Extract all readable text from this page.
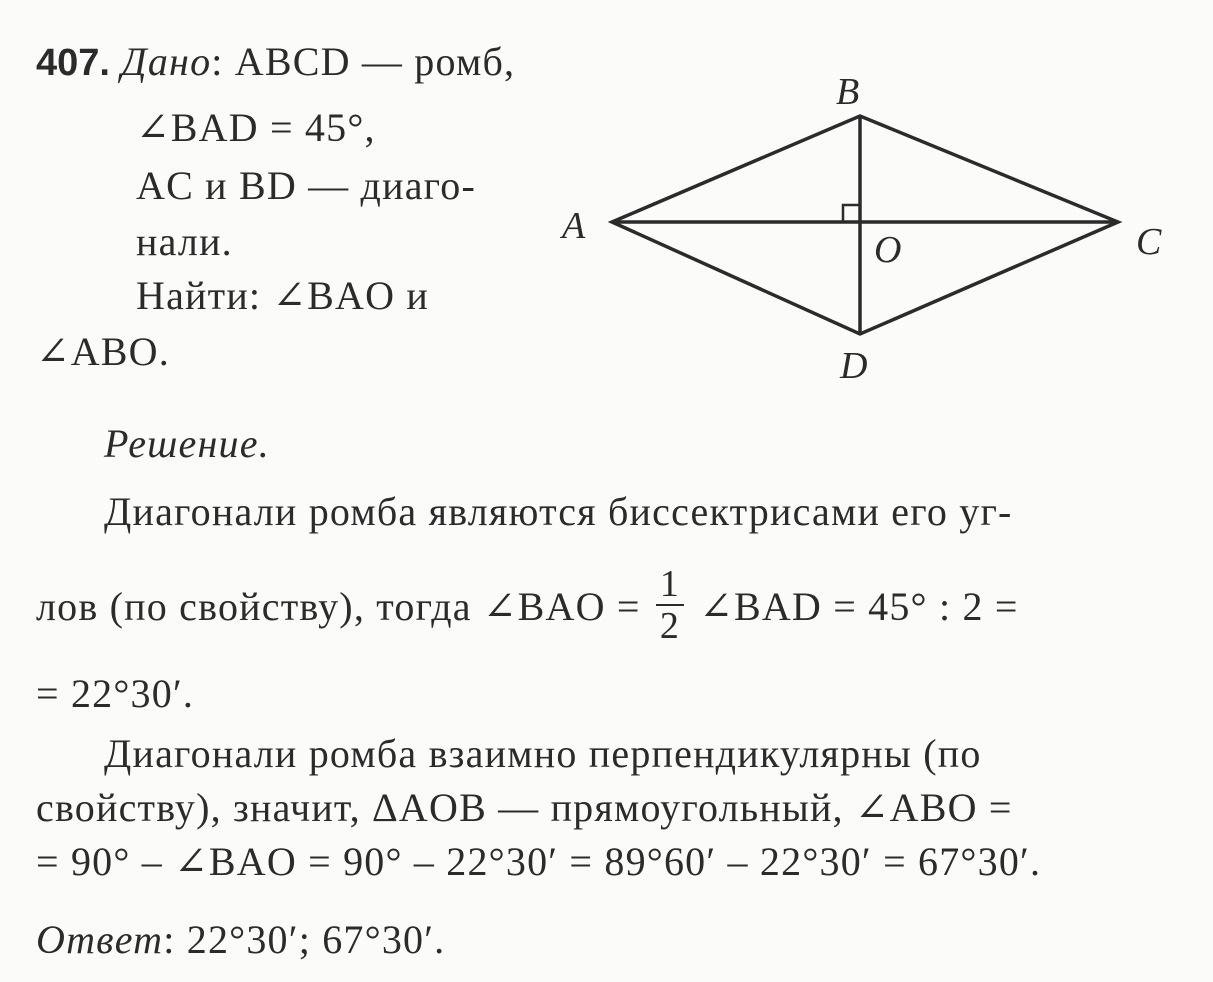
407. Дано: ABCD — ромб,
∠BAD = 45°,
AC и BD — диаго-
нали.
Найти: ∠BAO и
∠ABO.
B
A	C
O
D
Решение.
Диагонали ромба являются биссектрисами его уг-
лов (по свойству), тогда ∠BAO = $\frac{1}{2}$ ∠BAD = 45° : 2 =
= 22°30′.
Диагонали ромба взаимно перпендикулярны (по
свойству), значит, ΔAOB — прямоугольный, ∠ABO =
= 90° – ∠BAO = 90° – 22°30′ = 89°60′ – 22°30′ = 67°30′.
Ответ: 22°30′; 67°30′.
